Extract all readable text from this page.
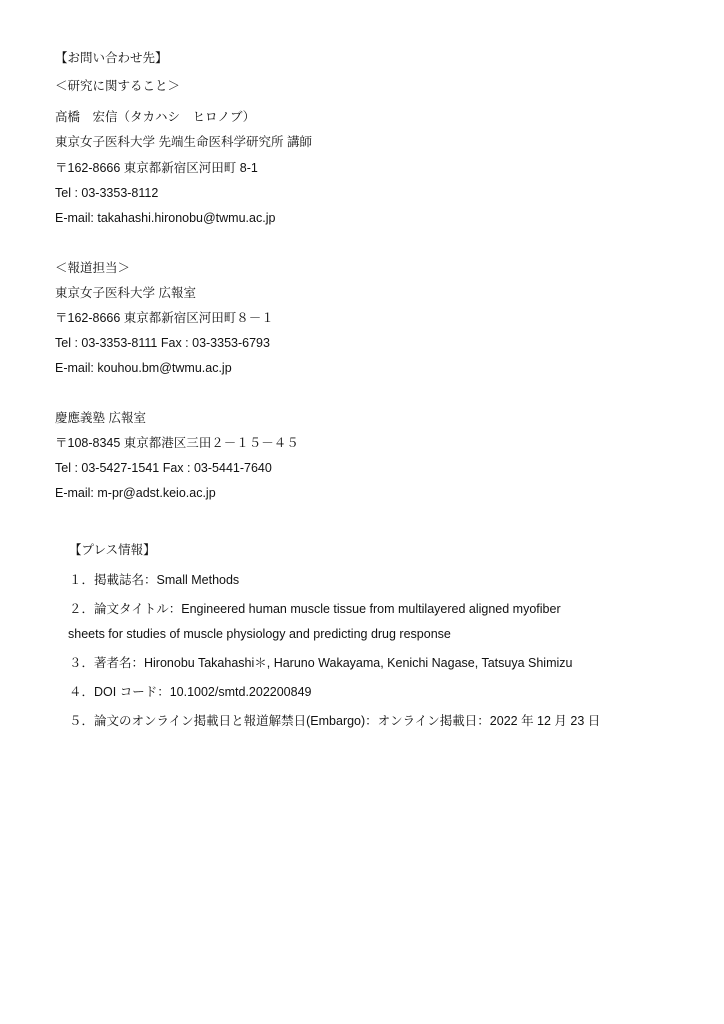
【お問い合わせ先】
＜研究に関すること＞
高橋　宏信（タカハシ　ヒロノブ）
東京女子医科大学 先端生命医科学研究所 講師
〒162-8666 東京都新宿区河田町 8-1
Tel : 03-3353-8112
E-mail: takahashi.hironobu@twmu.ac.jp
＜報道担当＞
東京女子医科大学 広報室
〒162-8666 東京都新宿区河田町８－１
Tel : 03-3353-8111 Fax : 03-3353-6793
E-mail: kouhou.bm@twmu.ac.jp
慶應義塾 広報室
〒108-8345 東京都港区三田２－１５－４５
Tel : 03-5427-1541 Fax : 03-5441-7640
E-mail: m-pr@adst.keio.ac.jp
【プレス情報】
１．掲載誌名：Small Methods
２．論文タイトル：Engineered human muscle tissue from multilayered aligned myofiber
sheets for studies of muscle physiology and predicting drug response
３．著者名：Hironobu Takahashi＊, Haruno Wakayama, Kenichi Nagase, Tatsuya Shimizu
４．DOI コード：10.1002/smtd.202200849
５．論文のオンライン掲載日と報道解禁日(Embargo)：オンライン掲載日：2022 年 12 月 23 日
